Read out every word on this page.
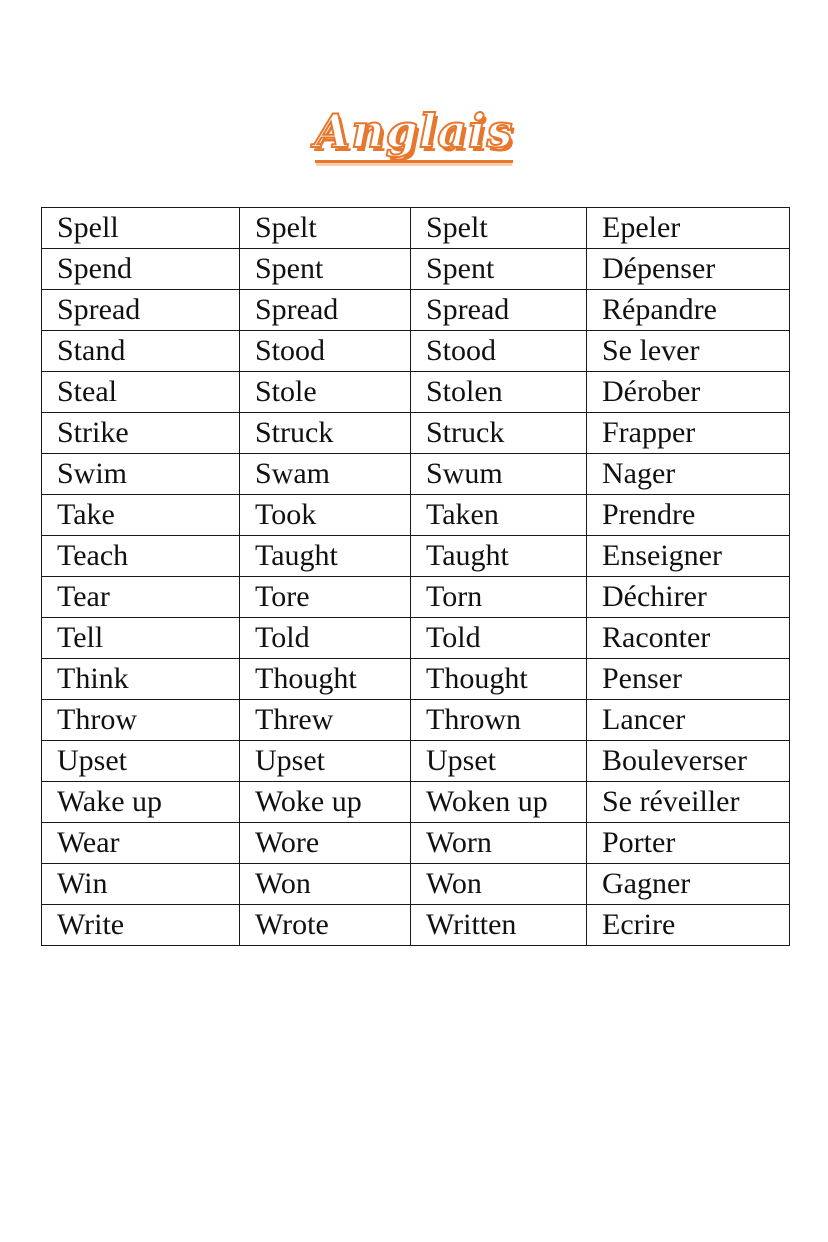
Anglais
Spell	Spelt	Spelt	Epeler
Spend	Spent	Spent	Dépenser
Spread	Spread	Spread	Répandre
Stand	Stood	Stood	Se lever
Steal	Stole	Stolen	Dérober
Strike	Struck	Struck	Frapper
Swim	Swam	Swum	Nager
Take	Took	Taken	Prendre
Teach	Taught	Taught	Enseigner
Tear	Tore	Torn	Déchirer
Tell	Told	Told	Raconter
Think	Thought	Thought	Penser
Throw	Threw	Thrown	Lancer
Upset	Upset	Upset	Bouleverser
Wake up	Woke up	Woken up	Se réveiller
Wear	Wore	Worn	Porter
Win	Won	Won	Gagner
Write	Wrote	Written	Ecrire
